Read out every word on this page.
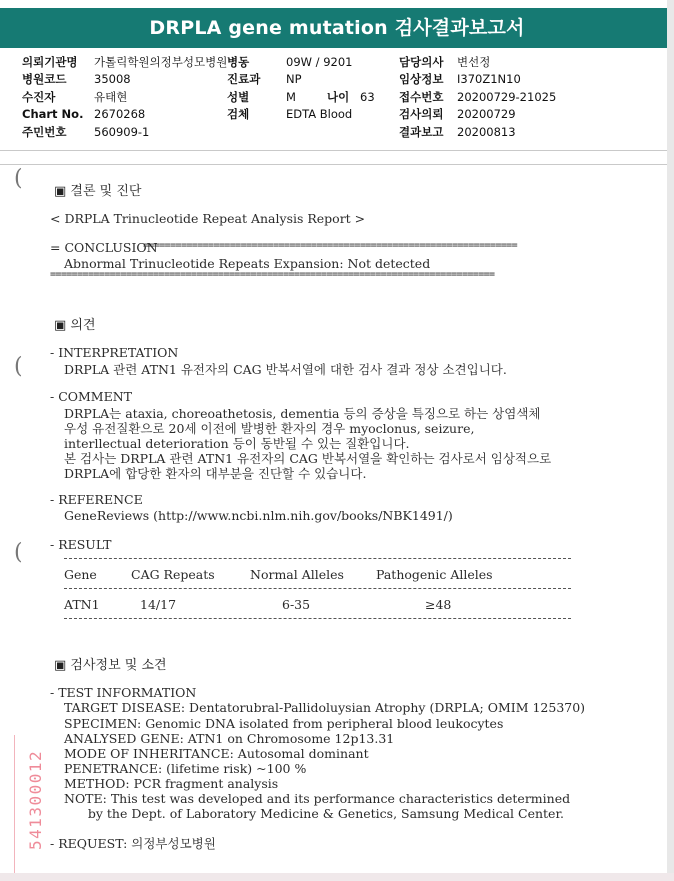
DRPLA gene mutation 검사결과보고서
의뢰기관명 가톨릭학원의정부성모병원 병동	09W / 9201	담당의사 변선정
병원코드 35008	진료과 NP	임상정보 I370Z1N10
수진자	유태현	성별	M	나이 63 접수번호 20200729-21025
Chart No. 2670268	검체	EDTA Blood	검사의뢰 20200729
주민번호 560909-1	결과보고 20200813
(
(
(
▣ 결론 및 진단
< DRPLA Trinucleotide Repeat Analysis Report >
= CONCLUSION
=====================================================================
Abnormal Trinucleotide Repeats Expansion: Not detected
==================================================================================
▣ 의견
- INTERPRETATION
DRPLA 관련 ATN1 유전자의 CAG 반복서열에 대한 검사 결과 정상 소견입니다.
- COMMENT
DRPLA는 ataxia, choreoathetosis, dementia 등의 증상을 특징으로 하는 상염색체
우성 유전질환으로 20세 이전에 발병한 환자의 경우 myoclonus, seizure,
interllectual deterioration 등이 동반될 수 있는 질환입니다.
본 검사는 DRPLA 관련 ATN1 유전자의 CAG 반복서열을 확인하는 검사로서 임상적으로
DRPLA에 합당한 환자의 대부분을 진단할 수 있습니다.
- REFERENCE
GeneReviews (http://www.ncbi.nlm.nih.gov/books/NBK1491/)
- RESULT
Gene	CAG Repeats	Normal Alleles	Pathogenic Alleles
ATN1	14/17	6-35	≥48
▣ 검사정보 및 소견
- TEST INFORMATION
TARGET DISEASE: Dentatorubral-Pallidoluysian Atrophy (DRPLA; OMIM 125370)
SPECIMEN: Genomic DNA isolated from peripheral blood leukocytes
ANALYSED GENE: ATN1 on Chromosome 12p13.31
MODE OF INHERITANCE: Autosomal dominant
PENETRANCE: (lifetime risk) ~100 %
METHOD: PCR fragment analysis
NOTE: This test was developed and its performance characteristics determined
by the Dept. of Laboratory Medicine & Genetics, Samsung Medical Center.
- REQUEST: 의정부성모병원
541300012
